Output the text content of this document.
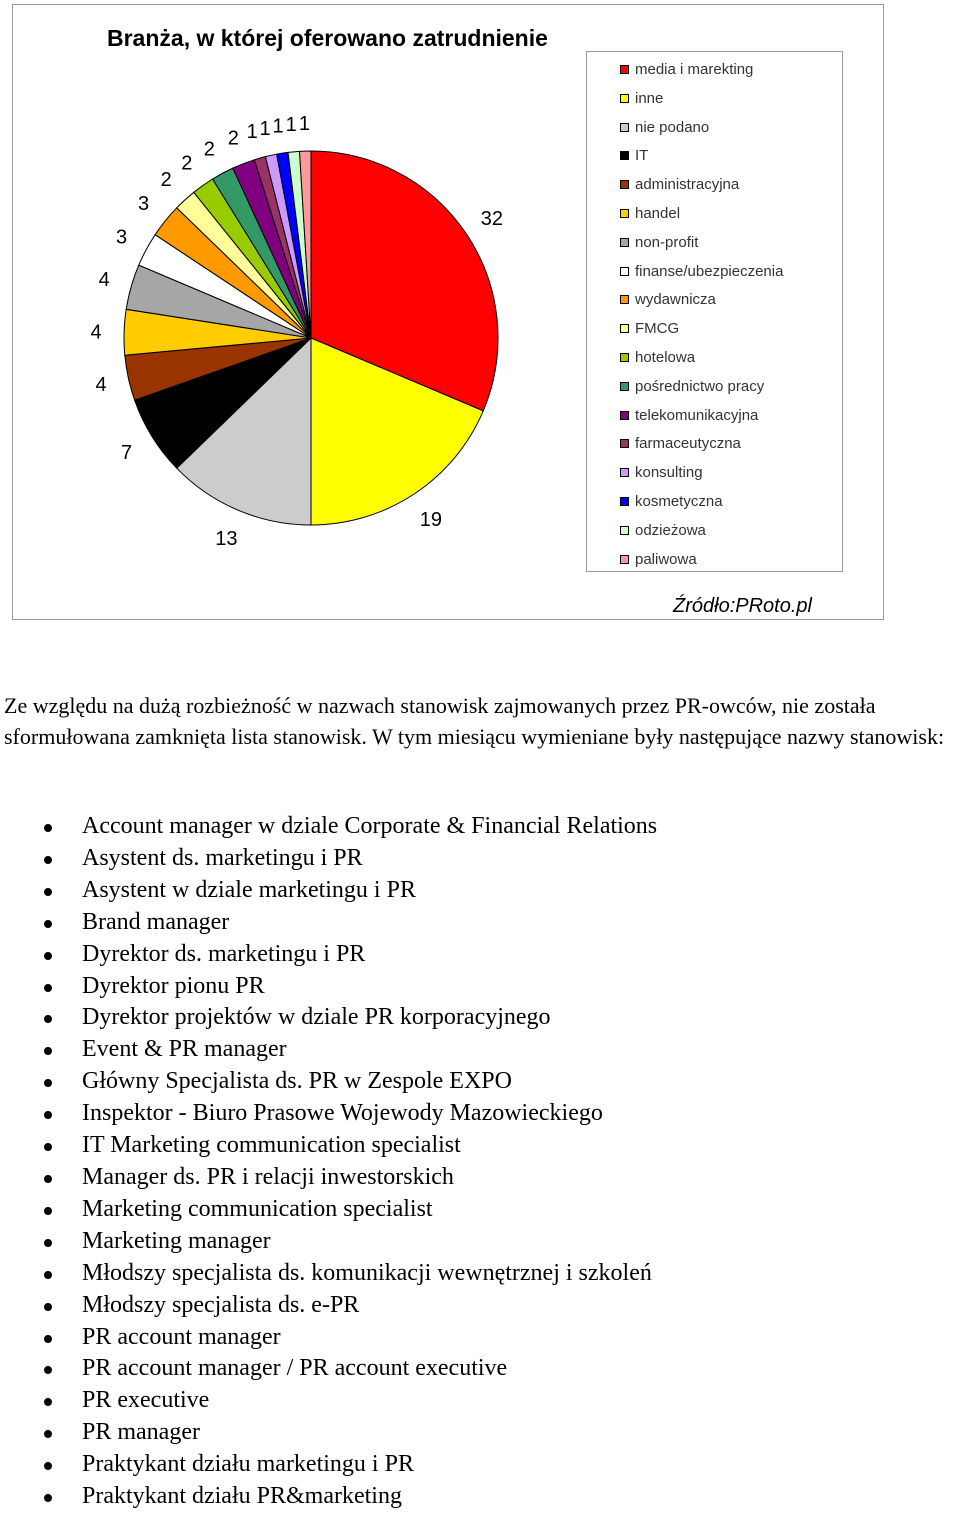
Branża, w której oferowano zatrudnienie
32
19
13
7
4
4
4
3
3
2
2
2
2 1 1 1 1 1
media i marekting
inne
nie podano
IT
administracyjna
handel
non-profit
finanse/ubezpieczenia
wydawnicza
FMCG
hotelowa
pośrednictwo pracy
telekomunikacyjna
farmaceutyczna
konsulting
kosmetyczna
odzieżowa
paliwowa
Źródło:PRoto.pl

Ze względu na dużą rozbieżność w nazwach stanowisk zajmowanych przez PR-owców, nie została sformułowana zamknięta lista stanowisk. W tym miesiącu wymieniane były następujące nazwy stanowisk:

Account manager w dziale Corporate & Financial Relations
Asystent ds. marketingu i PR
Asystent w dziale marketingu i PR
Brand manager
Dyrektor ds. marketingu i PR
Dyrektor pionu PR
Dyrektor projektów w dziale PR korporacyjnego
Event & PR manager
Główny Specjalista ds. PR w Zespole EXPO
Inspektor - Biuro Prasowe Wojewody Mazowieckiego
IT Marketing communication specialist
Manager ds. PR i relacji inwestorskich
Marketing communication specialist
Marketing manager
Młodszy specjalista ds. komunikacji wewnętrznej i szkoleń
Młodszy specjalista ds. e-PR
PR account manager
PR account manager / PR account executive
PR executive
PR manager
Praktykant działu marketingu i PR
Praktykant działu PR&marketing
